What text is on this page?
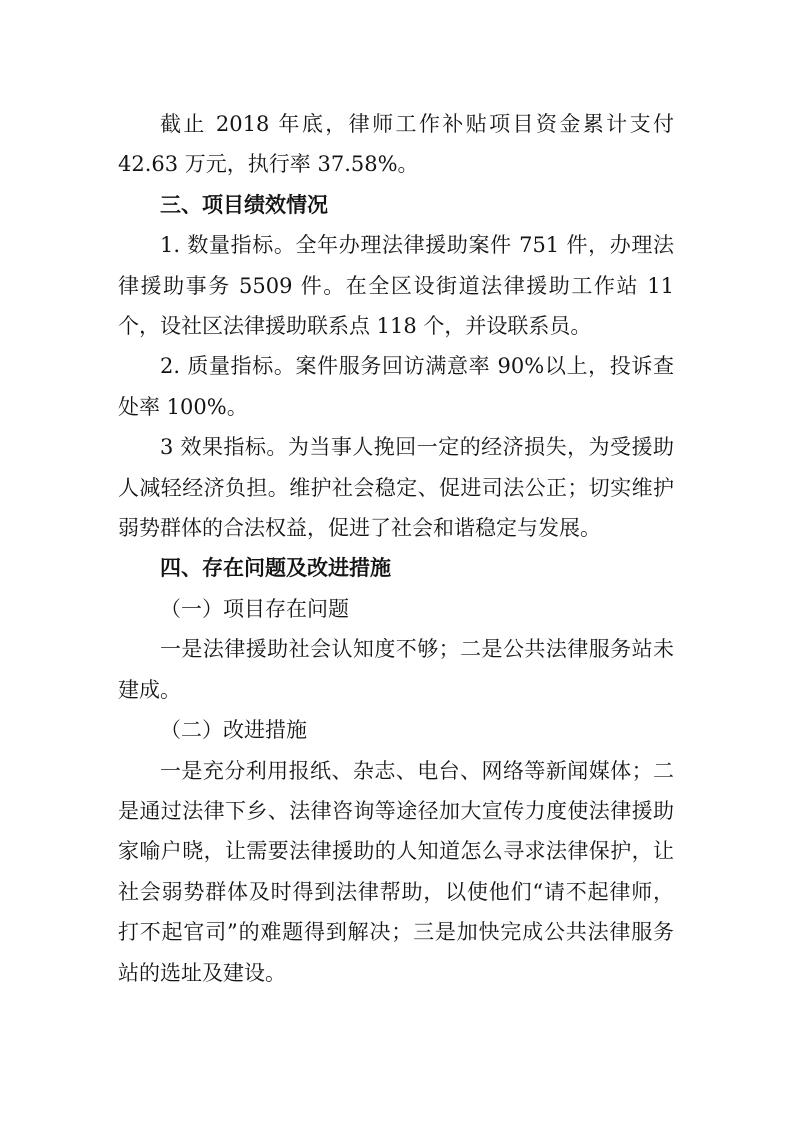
截止 2018 年底，律师工作补贴项目资金累计支付 42.63 万元，执行率 37.58%。

三、项目绩效情况

1. 数量指标。全年办理法律援助案件 751 件，办理法律援助事务 5509 件。在全区设街道法律援助工作站 11 个，设社区法律援助联系点 118 个，并设联系员。

2. 质量指标。案件服务回访满意率 90%以上，投诉查处率 100%。

3 效果指标。为当事人挽回一定的经济损失，为受援助人减轻经济负担。维护社会稳定、促进司法公正；切实维护弱势群体的合法权益，促进了社会和谐稳定与发展。

四、存在问题及改进措施

（一）项目存在问题

一是法律援助社会认知度不够；二是公共法律服务站未建成。

（二）改进措施

一是充分利用报纸、杂志、电台、网络等新闻媒体；二是通过法律下乡、法律咨询等途径加大宣传力度使法律援助家喻户晓，让需要法律援助的人知道怎么寻求法律保护，让社会弱势群体及时得到法律帮助，以使他们“请不起律师，打不起官司”的难题得到解决；三是加快完成公共法律服务站的选址及建设。
